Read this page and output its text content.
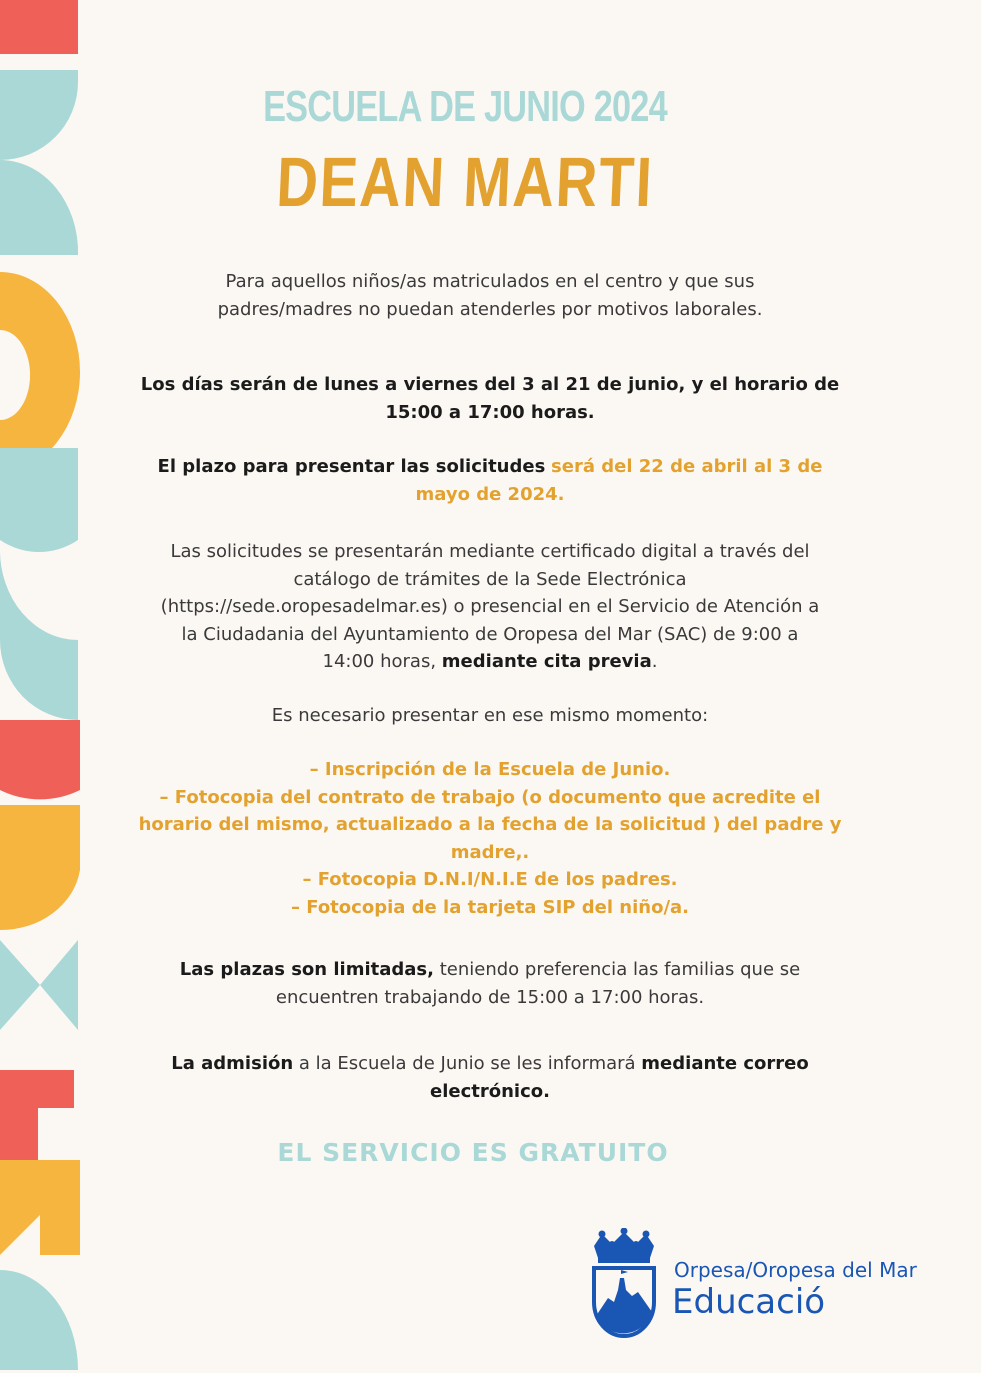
ESCUELA DE JUNIO 2024
DEAN MARTI
Para aquellos niños/as matriculados en el centro y que sus
padres/madres no puedan atenderles por motivos laborales.
Los días serán de lunes a viernes del 3 al 21 de junio, y el horario de
15:00 a 17:00 horas.
El plazo para presentar las solicitudes será del 22 de abril al 3 de
mayo de 2024.
Las solicitudes se presentarán mediante certificado digital a través del
catálogo de trámites de la Sede Electrónica
(https://sede.oropesadelmar.es) o presencial en el Servicio de Atención a
la Ciudadania del Ayuntamiento de Oropesa del Mar (SAC) de 9:00 a
14:00 horas, mediante cita previa.
Es necesario presentar en ese mismo momento:
– Inscripción de la Escuela de Junio.
– Fotocopia del contrato de trabajo (o documento que acredite el
horario del mismo, actualizado a la fecha de la solicitud ) del padre y
madre,.
– Fotocopia D.N.I/N.I.E de los padres.
– Fotocopia de la tarjeta SIP del niño/a.
Las plazas son limitadas, teniendo preferencia las familias que se
encuentren trabajando de 15:00 a 17:00 horas.
La admisión a la Escuela de Junio se les informará mediante correo
electrónico.
EL SERVICIO ES GRATUITO
Orpesa/Oropesa del Mar
Educació
